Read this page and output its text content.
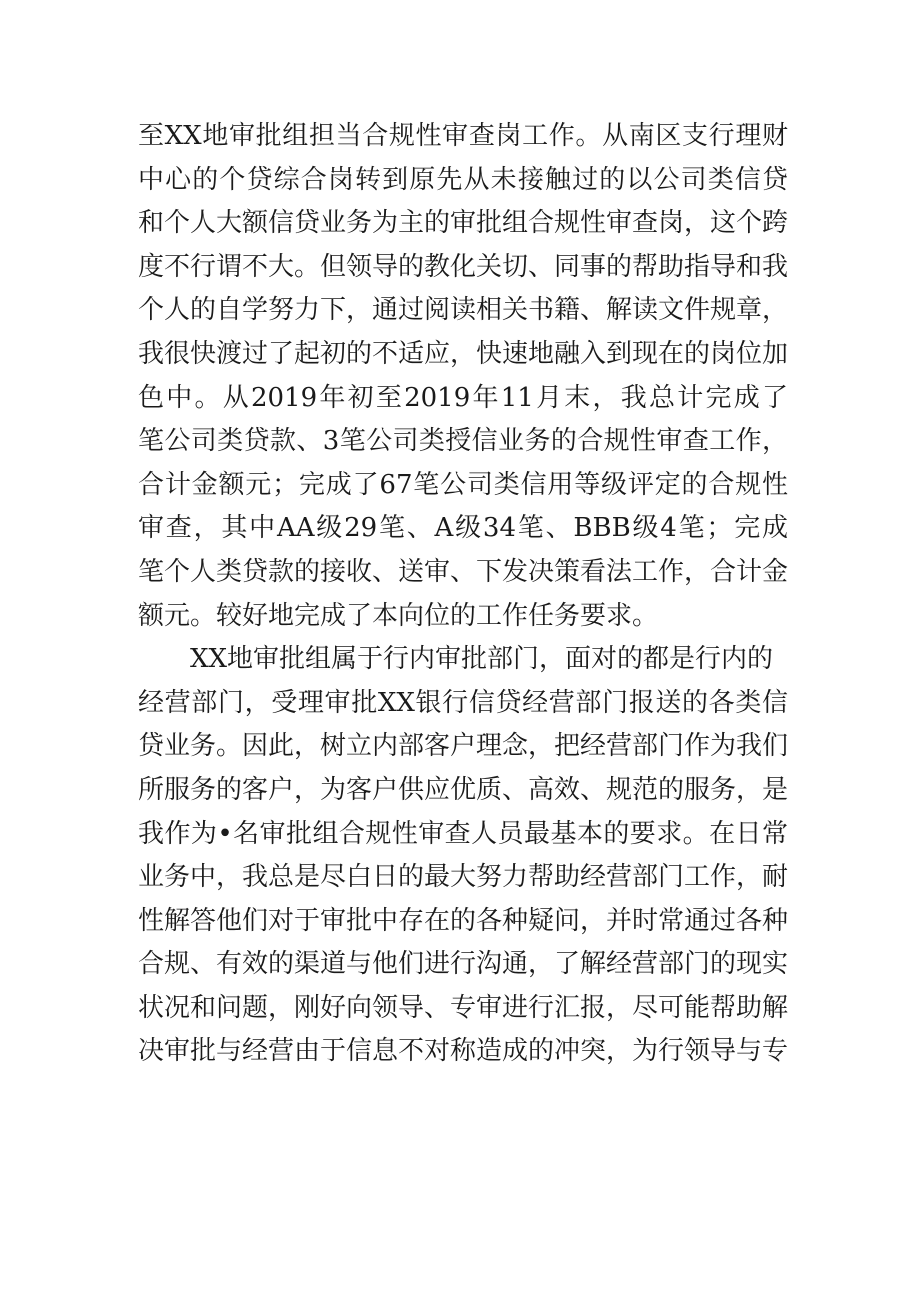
至XX地审批组担当合规性审查岗工作。从南区支行理财
中心的个贷综合岗转到原先从未接触过的以公司类信贷
和个人大额信贷业务为主的审批组合规性审查岗，这个跨
度不行谓不大。但领导的教化关切、同事的帮助指导和我
个人的自学努力下，通过阅读相关书籍、解读文件规章，
我很快渡过了起初的不适应，快速地融入到现在的岗位加
色中。从2019年初至2019年11月末，我总计完成了
笔公司类贷款、3笔公司类授信业务的合规性审查工作，
合计金额元；完成了67笔公司类信用等级评定的合规性
审查，其中AA级29笔、A级34笔、BBB级4笔；完成
笔个人类贷款的接收、送审、下发决策看法工作，合计金
额元。较好地完成了本向位的工作任务要求。
XX地审批组属于行内审批部门，面对的都是行内的
经营部门，受理审批XX银行信贷经营部门报送的各类信
贷业务。因此，树立内部客户理念，把经营部门作为我们
所服务的客户，为客户供应优质、高效、规范的服务，是
我作为•名审批组合规性审查人员最基本的要求。在日常
业务中，我总是尽白日的最大努力帮助经营部门工作，耐
性解答他们对于审批中存在的各种疑问，并时常通过各种
合规、有效的渠道与他们进行沟通，了解经营部门的现实
状况和问题，刚好向领导、专审进行汇报，尽可能帮助解
决审批与经营由于信息不对称造成的冲突，为行领导与专
